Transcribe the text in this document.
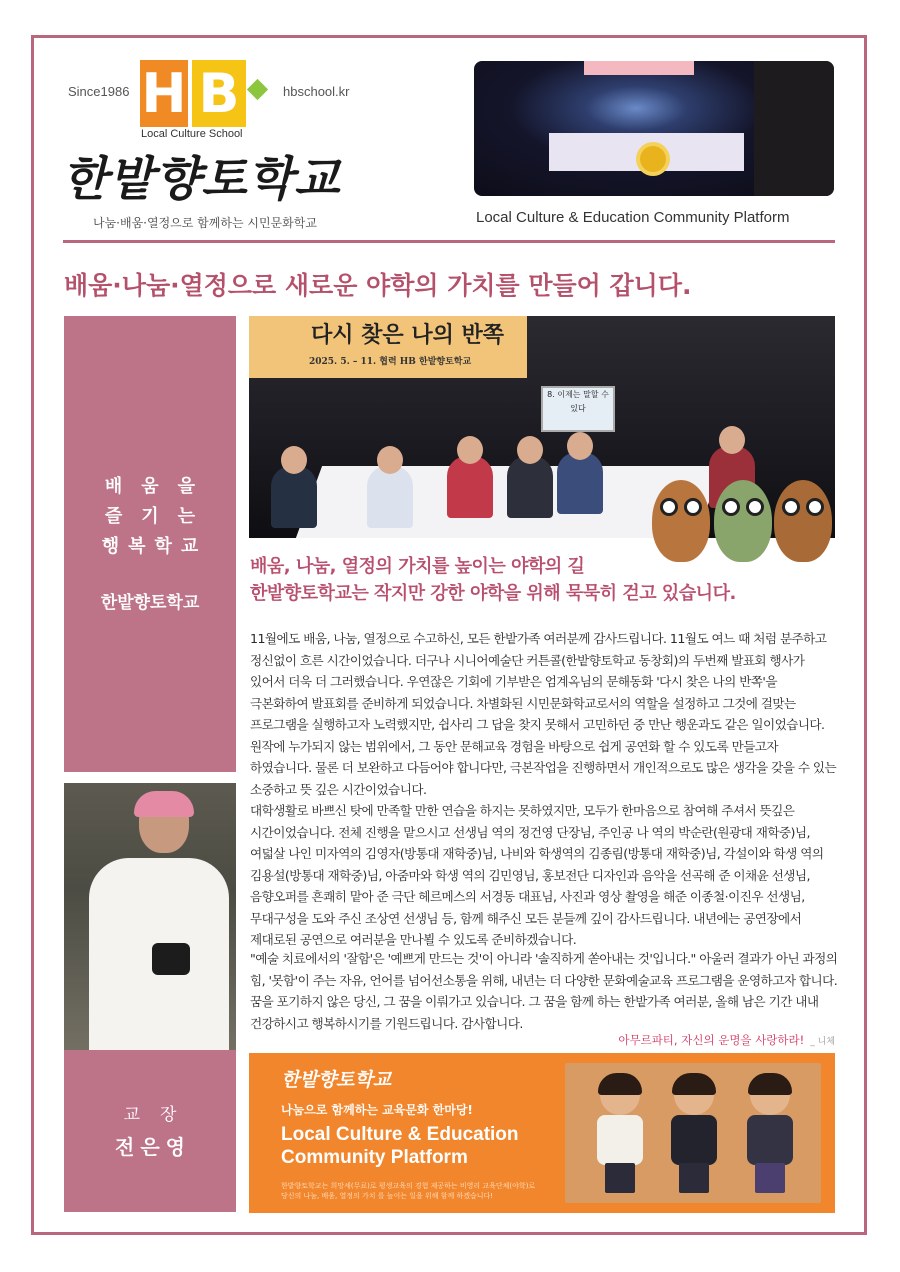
Since1986 H B	hbschool.kr
Local Culture School
한밭향토학교
나눔·배움·열정으로 함께하는 시민문화학교	Local Culture & Education Community Platform
배움·나눔·열정으로 새로운 야학의 가치를 만들어 갑니다.
배움을
즐기는
행복학교
한밭향토학교
교장
전은영
다시 찾은 나의 반쪽
2025. 5. – 11. 협력 HB 한밭향토학교
8. 이제는 말할 수 있다
배움, 나눔, 열정의 가치를 높이는 야학의 길
한밭향토학교는 작지만 강한 야학을 위해 묵묵히 걷고 있습니다.
11월에도 배움, 나눔, 열정으로 수고하신, 모든 한밭가족 여러분께 감사드립니다. 11월도 여느 때 처럼 분주하고 정신없이 흐른 시간이었습니다. 더구나 시니어예술단 커튼콜(한밭향토학교 동창회)의 두번째 발표회 행사가 있어서 더욱 더 그러했습니다. 우연잖은 기회에 기부받은 엄계옥님의 문해동화 '다시 찾은 나의 반쪽'을 극본화하여 발표회를 준비하게 되었습니다. 차별화된 시민문화학교로서의 역할을 설정하고 그것에 걸맞는 프로그램을 실행하고자 노력했지만, 쉽사리 그 답을 찾지 못해서 고민하던 중 만난 행운과도 같은 일이었습니다. 원작에 누가되지 않는 범위에서, 그 동안 문해교육 경험을 바탕으로 쉽게 공연화 할 수 있도록 만들고자 하였습니다. 물론 더 보완하고 다듬어야 합니다만, 극본작업을 진행하면서 개인적으로도 많은 생각을 갖을 수 있는 소중하고 뜻 깊은 시간이었습니다.
대학생활로 바쁘신 탓에 만족할 만한 연습을 하지는 못하였지만, 모두가 한마음으로 참여해 주셔서 뜻깊은 시간이었습니다. 전체 진행을 맡으시고 선생님 역의 정건영 단장님, 주인공 나 역의 박순란(원광대 재학중)님, 여덟살 나인 미자역의 김영자(방통대 재학중)님, 나비와 학생역의 김종림(방통대 재학중)님, 각설이와 학생 역의 김용설(방통대 재학중)님, 아줌마와 학생 역의 김민영님, 홍보전단 디자인과 음악을 선곡해 준 이채윤 선생님, 음향오퍼를 흔쾌히 맡아 준 극단 헤르메스의 서경동 대표님, 사진과 영상 촬영을 해준 이종철·이진우 선생님, 무대구성을 도와 주신 조상연 선생님 등, 함께 해주신 모든 분들께 깊이 감사드립니다. 내년에는 공연장에서 제대로된 공연으로 여러분을 만나뵐 수 있도록 준비하겠습니다.
"예술 치료에서의 '잘함'은 '예쁘게 만드는 것'이 아니라 '솔직하게 쏟아내는 것'입니다." 아울러 결과가 아닌 과정의 힘, '못함'이 주는 자유, 언어를 넘어선소통을 위해, 내년는 더 다양한 문화예술교육 프로그램을 운영하고자 합니다. 꿈을 포기하지 않은 당신, 그 꿈을 이뤄가고 있습니다. 그 꿈을 함께 하는 한밭가족 여러분, 올해 남은 기간 내내 건강하시고 행복하시기를 기원드립니다. 감사합니다.
아무르파티, 자신의 운명을 사랑하라! _ 니체
한밭향토학교
나눔으로 함께하는 교육문화 한마당!
Local Culture & Education
Community Platform
한밭향토학교는 희망세(무료)로 평생교육의 경험 제공하는 비영리 교육단체(야학)로 당신의 나눔, 배움, 열정의 가치 를 높이는 일을 위해 함께 하겠습니다!
